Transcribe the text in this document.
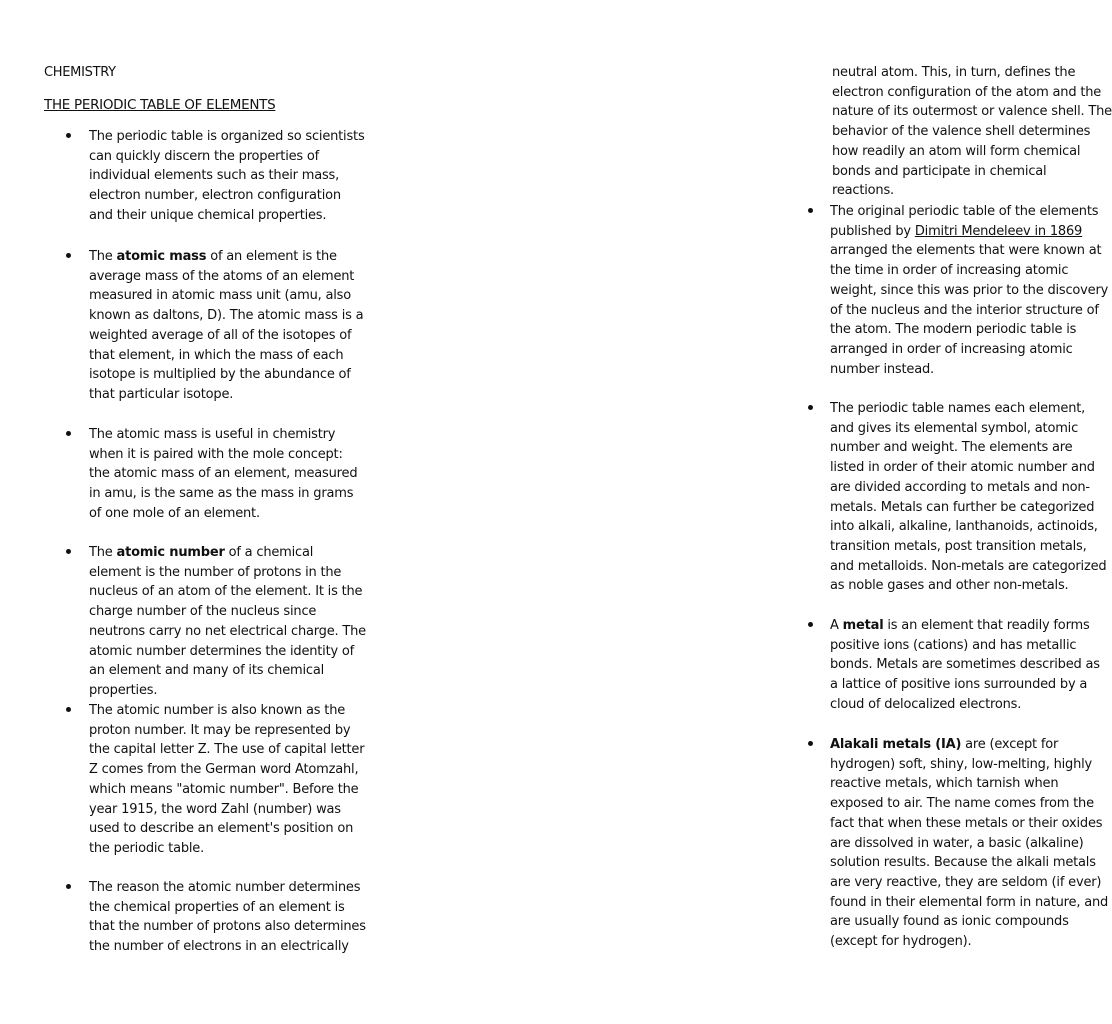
CHEMISTRY

THE PERIODIC TABLE OF ELEMENTS

The periodic table is organized so scientists can quickly discern the properties of individual elements such as their mass, electron number, electron configuration and their unique chemical properties.

The atomic mass of an element is the average mass of the atoms of an element measured in atomic mass unit (amu, also known as daltons, D). The atomic mass is a weighted average of all of the isotopes of that element, in which the mass of each isotope is multiplied by the abundance of that particular isotope.

The atomic mass is useful in chemistry when it is paired with the mole concept: the atomic mass of an element, measured in amu, is the same as the mass in grams of one mole of an element.

The atomic number of a chemical element is the number of protons in the nucleus of an atom of the element. It is the charge number of the nucleus since neutrons carry no net electrical charge. The atomic number determines the identity of an element and many of its chemical properties.

The atomic number is also known as the proton number. It may be represented by the capital letter Z. The use of capital letter Z comes from the German word Atomzahl, which means "atomic number". Before the year 1915, the word Zahl (number) was used to describe an element's position on the periodic table.

The reason the atomic number determines the chemical properties of an element is that the number of protons also determines the number of electrons in an electrically

neutral atom. This, in turn, defines the electron configuration of the atom and the nature of its outermost or valence shell. The behavior of the valence shell determines how readily an atom will form chemical bonds and participate in chemical reactions.

The original periodic table of the elements published by Dimitri Mendeleev in 1869 arranged the elements that were known at the time in order of increasing atomic weight, since this was prior to the discovery of the nucleus and the interior structure of the atom. The modern periodic table is arranged in order of increasing atomic number instead.

The periodic table names each element, and gives its elemental symbol, atomic number and weight. The elements are listed in order of their atomic number and are divided according to metals and non-metals. Metals can further be categorized into alkali, alkaline, lanthanoids, actinoids, transition metals, post transition metals, and metalloids. Non-metals are categorized as noble gases and other non-metals.

A metal is an element that readily forms positive ions (cations) and has metallic bonds. Metals are sometimes described as a lattice of positive ions surrounded by a cloud of delocalized electrons.

Alakali metals (IA) are (except for hydrogen) soft, shiny, low-melting, highly reactive metals, which tarnish when exposed to air. The name comes from the fact that when these metals or their oxides are dissolved in water, a basic (alkaline) solution results. Because the alkali metals are very reactive, they are seldom (if ever) found in their elemental form in nature, and are usually found as ionic compounds (except for hydrogen).
